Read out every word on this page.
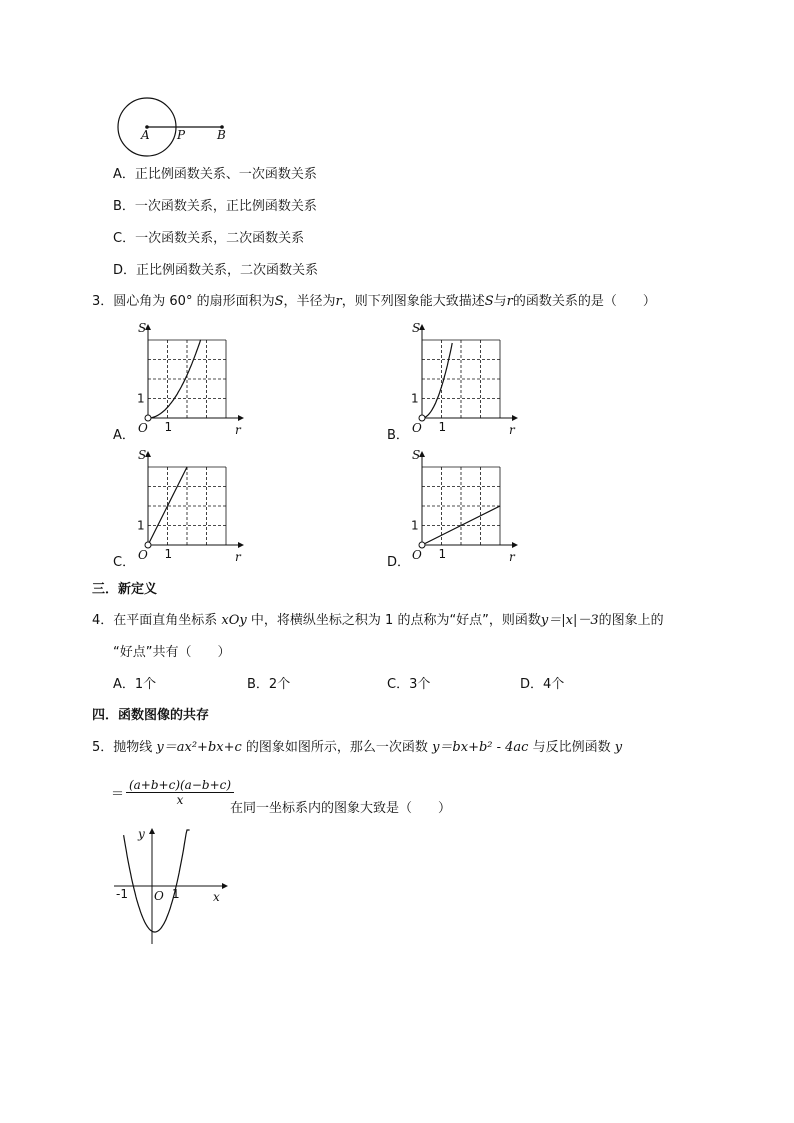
A P	B
A．正比例函数关系、一次函数关系
B．一次函数关系，正比例函数关系
C．一次函数关系，二次函数关系
D．正比例函数关系，二次函数关系
3．圆心角为 60° 的扇形面积为S，半径为r，则下列图象能大致描述S与r的函数关系的是（　　）
S
1
O 1	r
S
1
O 1	r
S
1
O 1	r
S
1
O 1	r
A．	B．
C．	D．
三．新定义
4．在平面直角坐标系 xOy 中，将横纵坐标之积为 1 的点称为“好点”，则函数y＝|x|－3的图象上的
“好点”共有（　　）
A．1个	B．2个	C．3个	D．4个
四．函数图像的共存
5．抛物线 y＝ax²+bx+c 的图象如图所示，那么一次函数 y＝bx+b² - 4ac 与反比例函数 y
＝ $\frac{(a+b+c)(a-b+c)}{x}$
在同一坐标系内的图象大致是（　　）
y
x
-1 O 1
